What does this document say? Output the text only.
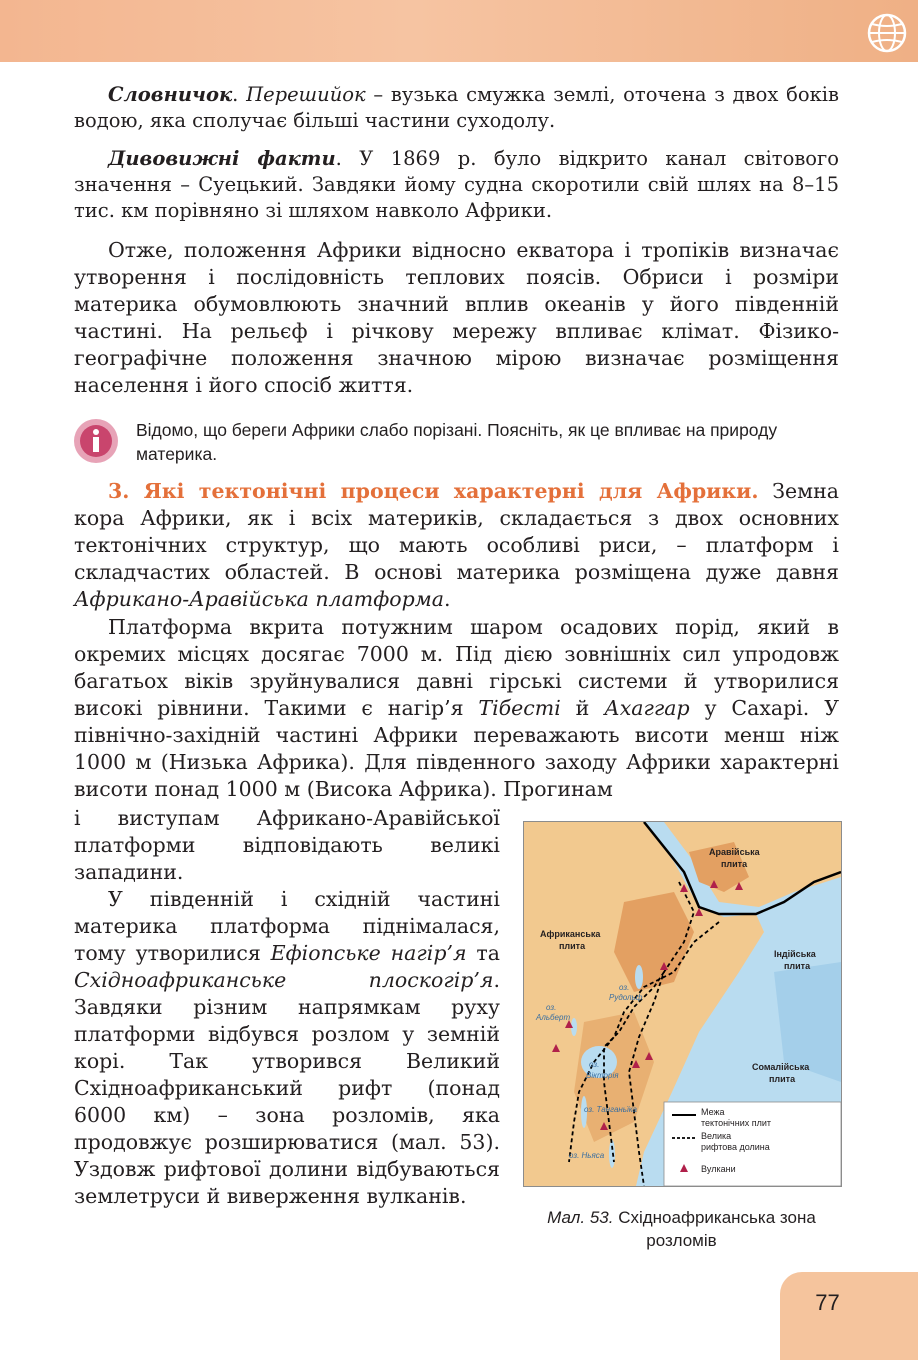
Словничок. Перешийок – вузька смужка землі, оточена з двох боків водою, яка сполучає більші частини суходолу.
Дивовижні факти. У 1869 р. було відкрито канал світового значення – Суецький. Завдяки йому судна скоротили свій шлях на 8–15 тис. км порівняно зі шляхом навколо Африки.
Отже, положення Африки відносно екватора і тропіків визначає утворення і послідовність теплових поясів. Обриси і розміри материка обумовлюють значний вплив океанів у його південній частині. На рельєф і річкову мережу впливає клімат. Фізико-географічне положення значною мірою визначає розміщення населення і його спосіб життя.
Відомо, що береги Африки слабо порізані. Поясніть, як це впливає на природу материка.
3. Які тектонічні процеси характерні для Африки. Земна кора Африки, як і всіх материків, складається з двох основних тектонічних структур, що мають особливі риси, – платформ і складчастих областей. В основі материка розміщена дуже давня Африкано-Аравійська платформа.
Платформа вкрита потужним шаром осадових порід, який в окремих місцях досягає 7000 м. Під дією зовнішніх сил упродовж багатьох віків зруйнувалися давні гірські системи й утворилися високі рівнини. Такими є нагір’я Тібесті й Ахаггар у Сахарі. У північно-західній частині Африки переважають висоти менш ніж 1000 м (Низька Африка). Для південного заходу Африки характерні висоти понад 1000 м (Висока Африка). Прогинам
і виступам Африкано-Аравійської платформи відповідають великі западини.
У південній і східній частині материка платформа піднімалася, тому утворилися Ефіопське нагір’я та Східноафриканське плоскогір’я. Завдяки різним напрямкам руху платформи відбувся розлом у земній корі. Так утворився Великий Східноафриканський рифт (понад 6000 км) – зона розломів, яка продовжує розширюватися (мал. 53). Уздовж рифтової долини відбуваються землетруси й виверження вулканів.
Аравійська
плита
Африканська
плита
Індійська
плита
Сомалійська
плита
оз.
Рудольф
оз.
Альберт
оз.
Вікторія
оз. Танганьїка
оз. Ньяса
Межа
тектонічних плит
Велика
рифтова долина
Вулкани
Мал. 53. Східноафриканська зона розломів
77
